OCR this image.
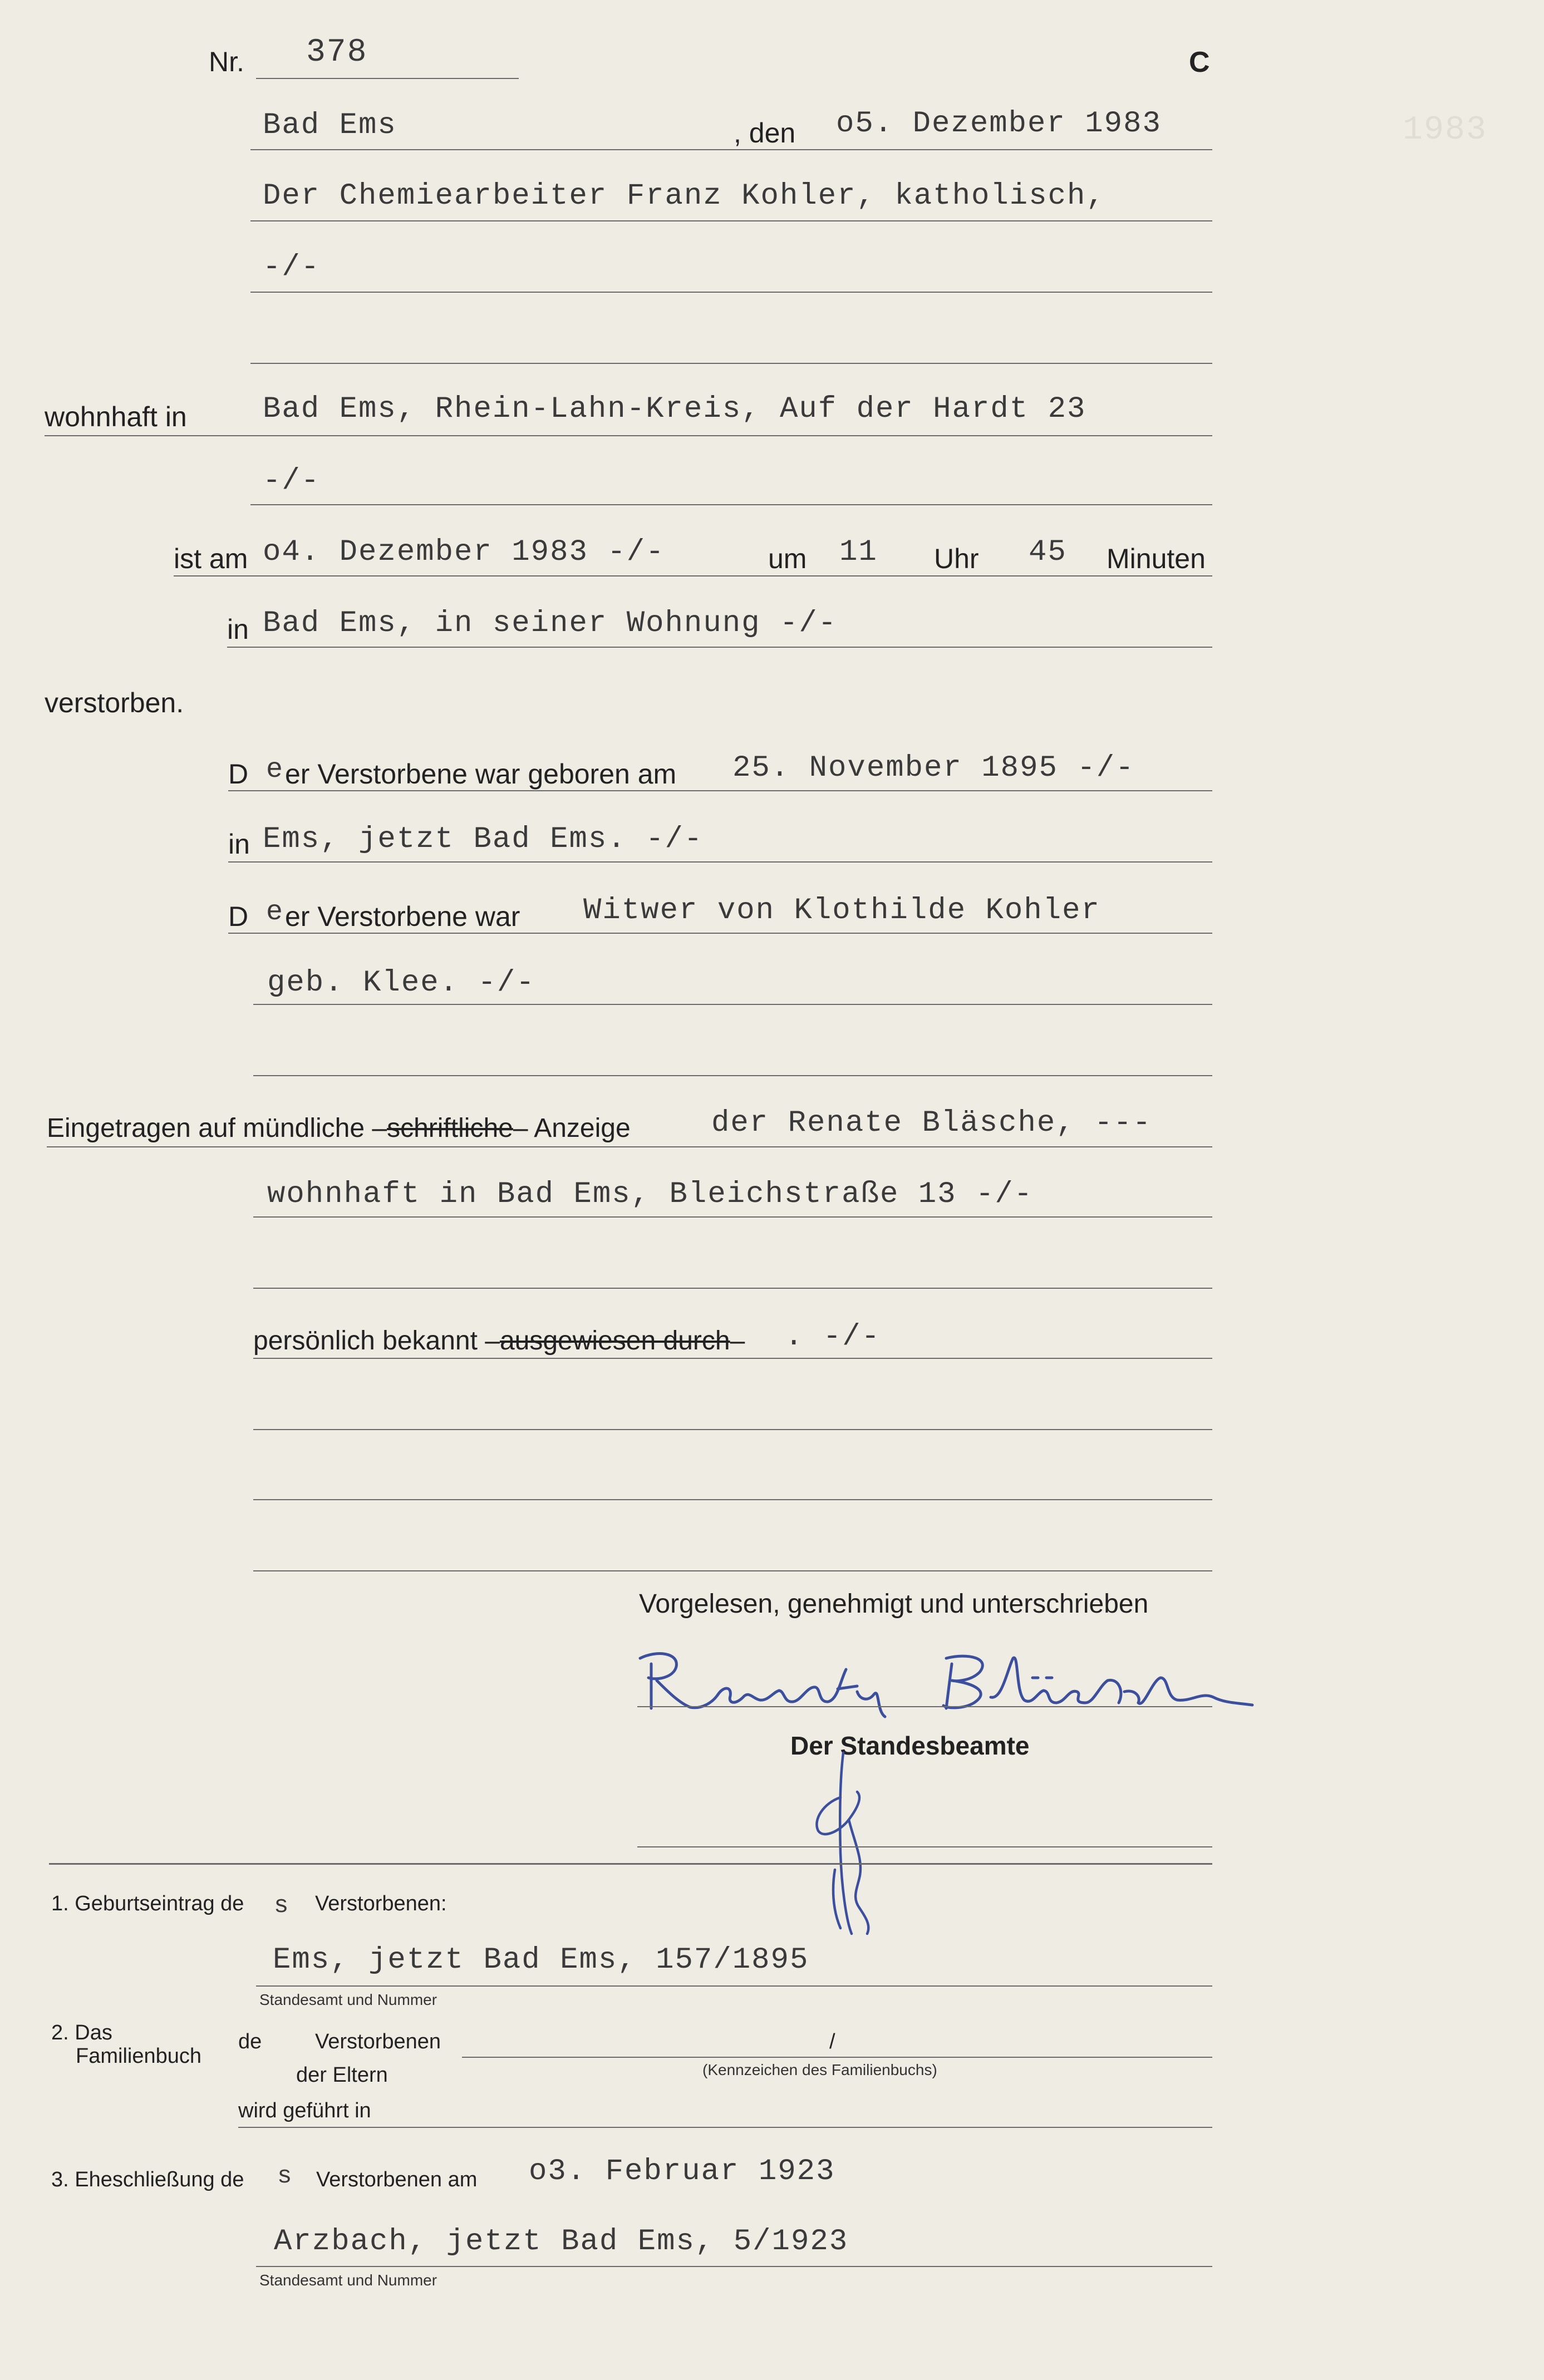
1983
Nr. 378	C
Bad Ems	, den o5. Dezember 1983
Der Chemiearbeiter Franz Kohler, katholisch,
-/-
wohnhaft in	Bad Ems, Rhein-Lahn-Kreis, Auf der Hardt 23
-/-
ist am o4. Dezember 1983 -/-	um 11 Uhr 45 Minuten
in Bad Ems, in seiner Wohnung -/-
verstorben.
D e er Verstorbene war geboren am 25. November 1895 -/-
in Ems, jetzt Bad Ems. -/-
D e er Verstorbene war Witwer von Klothilde Kohler
geb. Klee. -/-
Eingetragen auf mündliche –schriftliche– Anzeige	der Renate Bläsche, ---
wohnhaft in Bad Ems, Bleichstraße 13 -/-
persönlich bekannt –ausgewiesen durch– . -/-
Vorgelesen, genehmigt und unterschrieben
Der Standesbeamte
1. Geburtseintrag de s Verstorbenen:
Ems, jetzt Bad Ems, 157/1895
Standesamt und Nummer
2. Das
Familienbuch
de	Verstorbenen	/
der Eltern	(Kennzeichen des Familienbuchs)
wird geführt in
3. Eheschließung de s Verstorbenen am o3. Februar 1923
Arzbach, jetzt Bad Ems, 5/1923
Standesamt und Nummer
